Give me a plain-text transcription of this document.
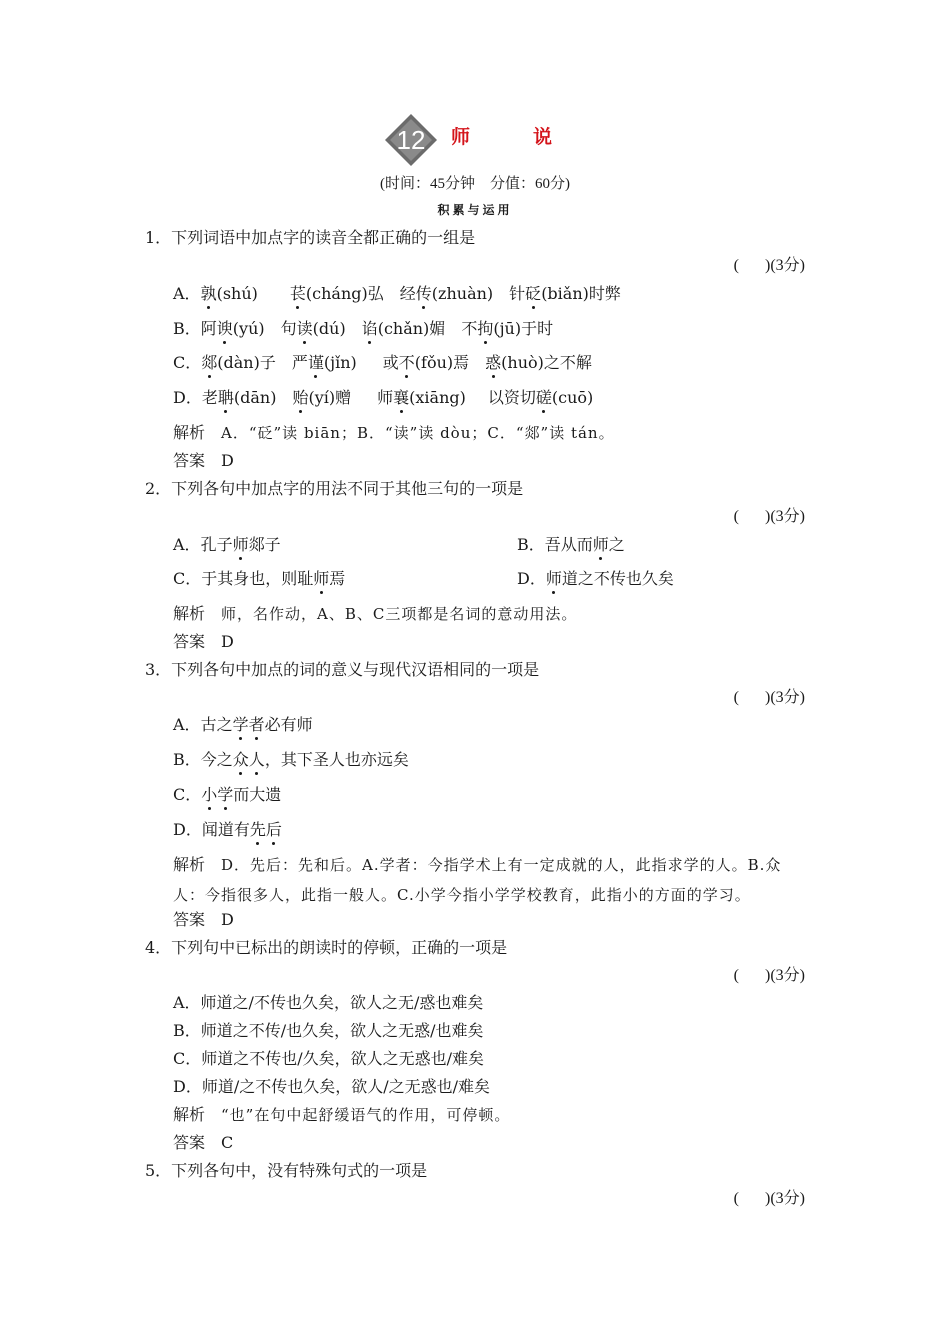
12 师　说
(时间：45分钟　分值：60分)
积累与运用
1．下列词语中加点字的读音全都正确的一组是
( )(3分)
A．孰(shú) 苌(cháng)弘 经传(zhuàn) 针砭(biǎn)时弊
B．阿谀(yú) 句读(dú) 谄(chǎn)媚 不拘(jū)于时
C．郯(dàn)子 严谨(jǐn) 或不(fǒu)焉 惑(huò)之不解
D．老聃(dān) 贻(yí)赠 师襄(xiāng) 以资切磋(cuō)
解析 A．“砭”读 biān；B．“读”读 dòu；C．“郯”读 tán。
答案 D
2．下列各句中加点字的用法不同于其他三句的一项是
( )(3分)
A．孔子师郯子	B．吾从而师之
C．于其身也，则耻师焉	D．师道之不传也久矣
解析 师，名作动，A、B、C三项都是名词的意动用法。
答案 D
3．下列各句中加点的词的意义与现代汉语相同的一项是
( )(3分)
A．古之学者必有师
B．今之众人，其下圣人也亦远矣
C．小学而大遗
D．闻道有先后
解析 D．先后：先和后。A.学者：今指学术上有一定成就的人，此指求学的人。B.众人：今指很多人，此指一般人。C.小学今指小学学校教育，此指小的方面的学习。
答案 D
4．下列句中已标出的朗读时的停顿，正确的一项是
( )(3分)
A．师道之/不传也久矣，欲人之无/惑也难矣
B．师道之不传/也久矣，欲人之无惑/也难矣
C．师道之不传也/久矣，欲人之无惑也/难矣
D．师道/之不传也久矣，欲人/之无惑也/难矣
解析 “也”在句中起舒缓语气的作用，可停顿。
答案 C
5．下列各句中，没有特殊句式的一项是
( )(3分)
